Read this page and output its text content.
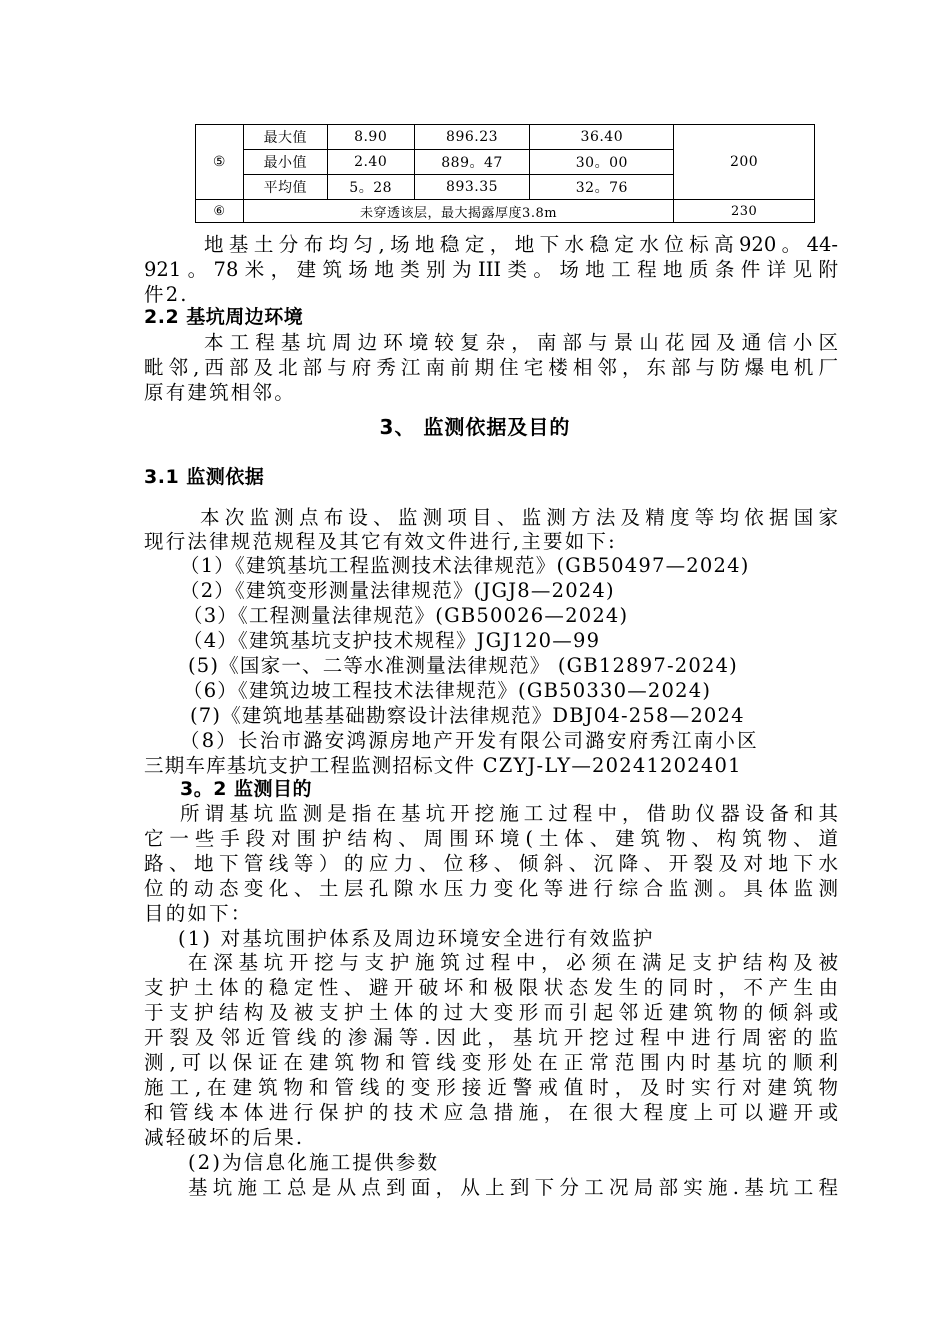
⑤	最大值	8.90	896.23	36.40	200
	最小值	2.40	889。47	30。00	
	平均值	5。28	893.35	32。76	
⑥	未穿透该层，最大揭露厚度3.8m				230
地基土分布均匀,场地稳定，地下水稳定水位标高920。44-
921。78米，建筑场地类别为III类。场地工程地质条件详见附
件2.
2.2 基坑周边环境
本工程基坑周边环境较复杂，南部与景山花园及通信小区
毗邻,西部及北部与府秀江南前期住宅楼相邻，东部与防爆电机厂
原有建筑相邻。
3、 监测依据及目的
3.1 监测依据
本次监测点布设、监测项目、监测方法及精度等均依据国家
现行法律规范规程及其它有效文件进行,主要如下:
（1）《建筑基坑工程监测技术法律规范》(GB50497—2024)
（2）《建筑变形测量法律规范》(JGJ8—2024)
（3）《工程测量法律规范》(GB50026—2024)
（4）《建筑基坑支护技术规程》JGJ120—99
(5)《国家一、二等水准测量法律规范》 (GB12897-2024)
（6）《建筑边坡工程技术法律规范》(GB50330—2024)
(7)《建筑地基基础勘察设计法律规范》DBJ04-258—2024
（8）长治市潞安鸿源房地产开发有限公司潞安府秀江南小区
三期车库基坑支护工程监测招标文件 CZYJ-LY—20241202401
3。2 监测目的
所谓基坑监测是指在基坑开挖施工过程中，借助仪器设备和其
它一些手段对围护结构、周围环境(土体、建筑物、构筑物、道
路、地下管线等）的应力、位移、倾斜、沉降、开裂及对地下水
位的动态变化、土层孔隙水压力变化等进行综合监测。具体监测
目的如下：
(1) 对基坑围护体系及周边环境安全进行有效监护
在深基坑开挖与支护施筑过程中，必须在满足支护结构及被
支护土体的稳定性、避开破坏和极限状态发生的同时，不产生由
于支护结构及被支护土体的过大变形而引起邻近建筑物的倾斜或
开裂及邻近管线的渗漏等.因此，基坑开挖过程中进行周密的监
测,可以保证在建筑物和管线变形处在正常范围内时基坑的顺利
施工,在建筑物和管线的变形接近警戒值时，及时实行对建筑物
和管线本体进行保护的技术应急措施，在很大程度上可以避开或
减轻破坏的后果.
(2)为信息化施工提供参数
基坑施工总是从点到面，从上到下分工况局部实施.基坑工程
